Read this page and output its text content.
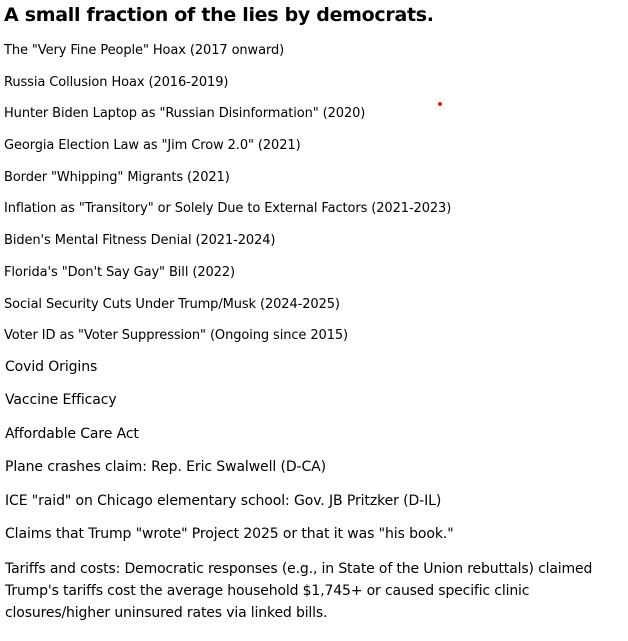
A small fraction of the lies by democrats.
The "Very Fine People" Hoax (2017 onward)
Russia Collusion Hoax (2016-2019)
Hunter Biden Laptop as "Russian Disinformation" (2020)
Georgia Election Law as "Jim Crow 2.0" (2021)
Border "Whipping" Migrants (2021)
Inflation as "Transitory" or Solely Due to External Factors (2021-2023)
Biden's Mental Fitness Denial (2021-2024)
Florida's "Don't Say Gay" Bill (2022)
Social Security Cuts Under Trump/Musk (2024-2025)
Voter ID as "Voter Suppression" (Ongoing since 2015)
Covid Origins
Vaccine Efficacy
Affordable Care Act
Plane crashes claim: Rep. Eric Swalwell (D-CA)
ICE "raid" on Chicago elementary school: Gov. JB Pritzker (D-IL)
Claims that Trump "wrote" Project 2025 or that it was "his book."

Tariffs and costs: Democratic responses (e.g., in State of the Union rebuttals) claimed Trump's tariffs cost the average household $1,745+ or caused specific clinic closures/higher uninsured rates via linked bills.
